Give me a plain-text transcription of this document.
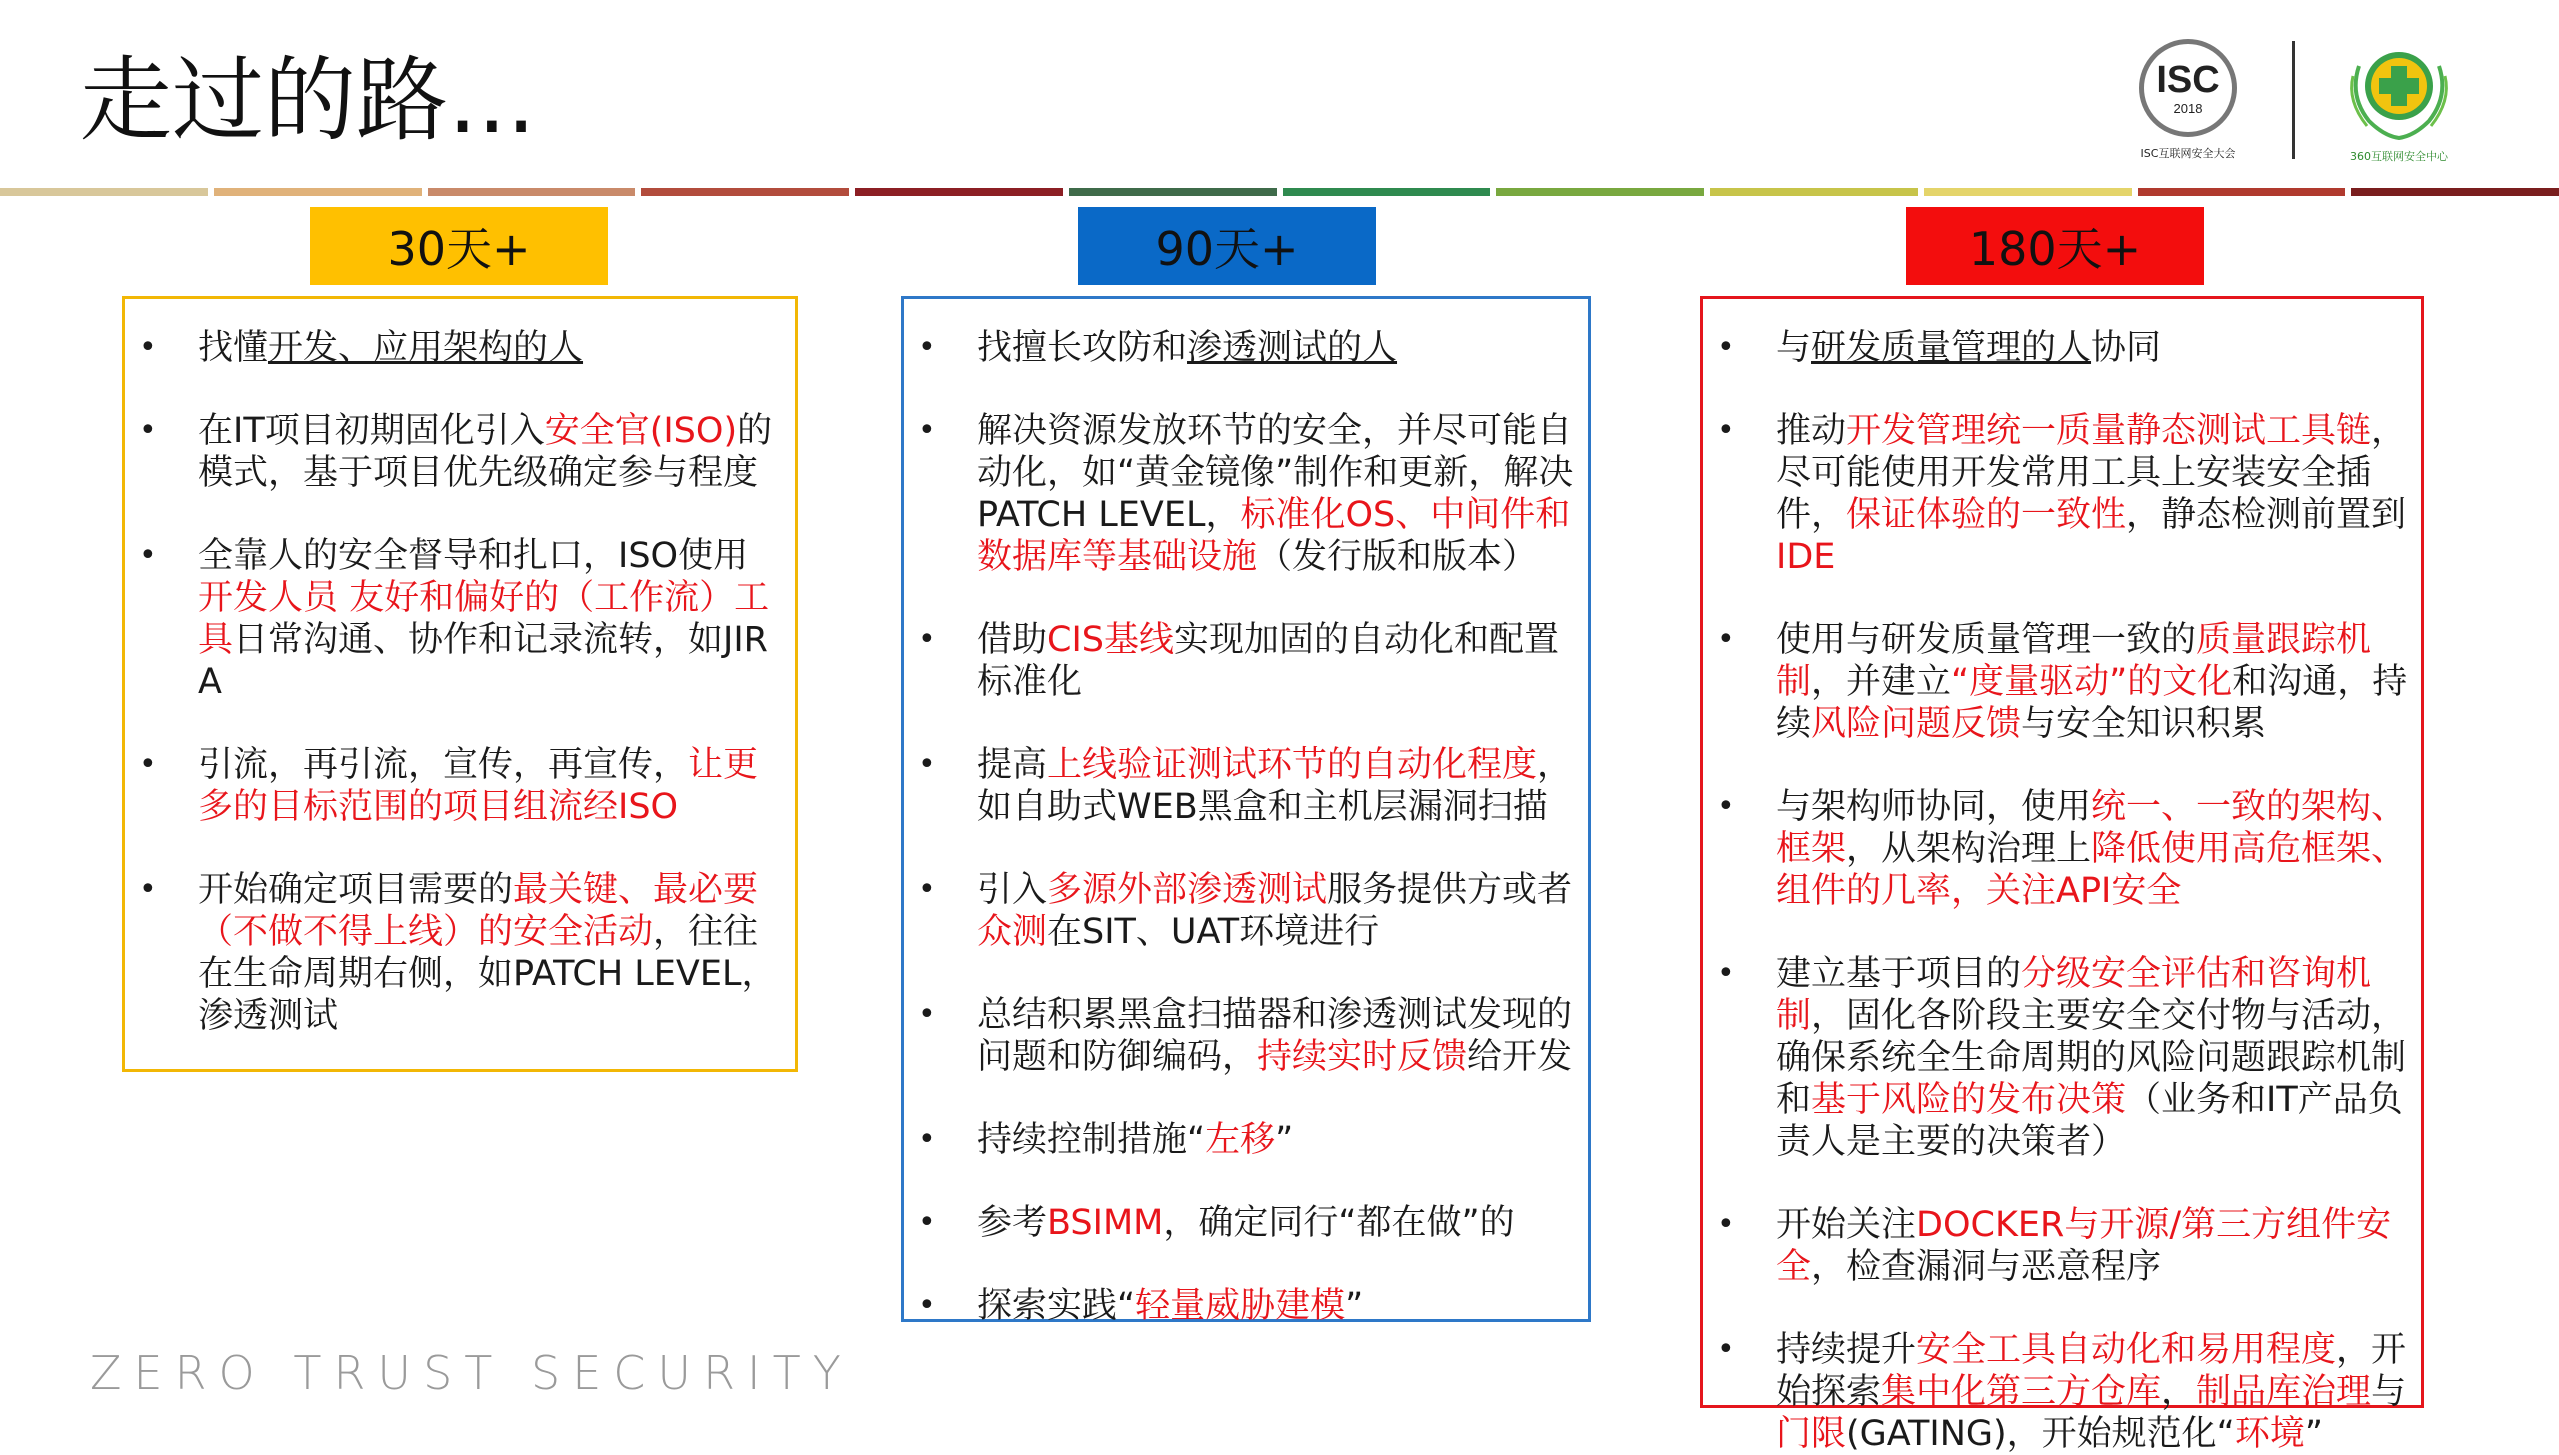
走过的路...	ISC
2018
ISC互联网安全大会	360互联网安全中心
30天+	90天+	180天+
• 找懂开发、应用架构的人
• 在IT项目初期固化引入安全官(ISO)的模式，基于项目优先级确定参与程度
• 全靠人的安全督导和扎口，ISO使用开发人员 友好和偏好的（工作流）工具日常沟通、协作和记录流转，如JIRA
• 引流，再引流，宣传，再宣传，让更多的目标范围的项目组流经ISO
• 开始确定项目需要的最关键、最必要（不做不得上线）的安全活动，往往在生命周期右侧，如PATCH LEVEL，渗透测试
• 找擅长攻防和渗透测试的人
• 解决资源发放环节的安全，并尽可能自动化，如“黄金镜像”制作和更新，解决PATCH LEVEL，标准化OS、中间件和数据库等基础设施（发行版和版本）
• 借助CIS基线实现加固的自动化和配置标准化
• 提高上线验证测试环节的自动化程度，如自助式WEB黑盒和主机层漏洞扫描
• 引入多源外部渗透测试服务提供方或者众测在SIT、UAT环境进行
• 总结积累黑盒扫描器和渗透测试发现的问题和防御编码，持续实时反馈给开发
• 持续控制措施“左移”
• 参考BSIMM，确定同行“都在做”的
• 探索实践“轻量威胁建模”
• 与研发质量管理的人协同
• 推动开发管理统一质量静态测试工具链，尽可能使用开发常用工具上安装安全插件，保证体验的一致性，静态检测前置到IDE
• 使用与研发质量管理一致的质量跟踪机制，并建立“度量驱动”的文化和沟通，持续风险问题反馈与安全知识积累
• 与架构师协同，使用统一、一致的架构、框架，从架构治理上降低使用高危框架、组件的几率，关注API安全
• 建立基于项目的分级安全评估和咨询机制，固化各阶段主要安全交付物与活动，确保系统全生命周期的风险问题跟踪机制和基于风险的发布决策（业务和IT产品负责人是主要的决策者）
• 开始关注DOCKER与开源/第三方组件安全，检查漏洞与恶意程序
• 持续提升安全工具自动化和易用程度，开始探索集中化第三方仓库，制品库治理与门限(GATING)，开始规范化“环境”
ZERO TRUST SECURITY
